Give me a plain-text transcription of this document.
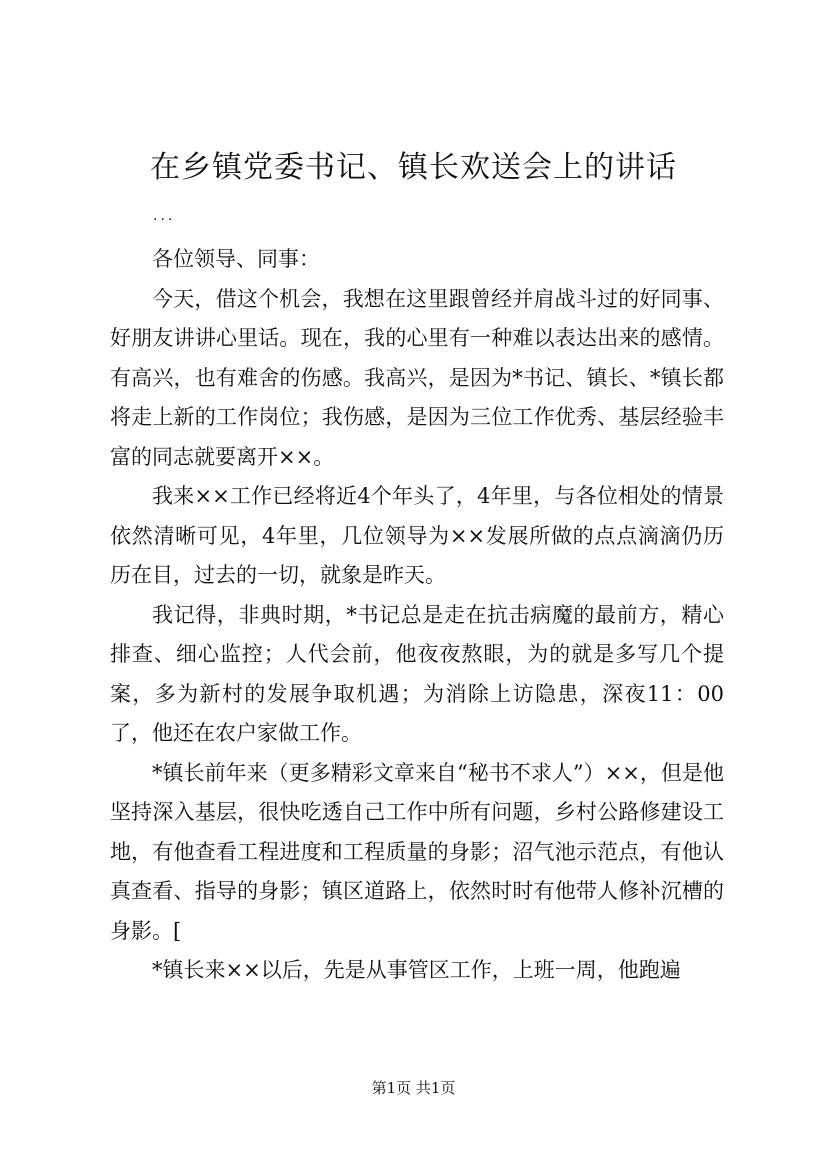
在乡镇党委书记、镇长欢送会上的讲话
...

各位领导、同事：

今天，借这个机会，我想在这里跟曾经并肩战斗过的好同事、好朋友讲讲心里话。现在，我的心里有一种难以表达出来的感情。有高兴，也有难舍的伤感。我高兴，是因为*书记、镇长、*镇长都将走上新的工作岗位；我伤感，是因为三位工作优秀、基层经验丰富的同志就要离开××。

我来××工作已经将近4个年头了，4年里，与各位相处的情景依然清晰可见，4年里，几位领导为××发展所做的点点滴滴仍历历在目，过去的一切，就象是昨天。

我记得，非典时期，*书记总是走在抗击病魔的最前方，精心排查、细心监控；人代会前，他夜夜熬眼，为的就是多写几个提案，多为新村的发展争取机遇；为消除上访隐患，深夜11：00了，他还在农户家做工作。

*镇长前年来（更多精彩文章来自“秘书不求人”）××，但是他坚持深入基层，很快吃透自己工作中所有问题，乡村公路修建设工地，有他查看工程进度和工程质量的身影；沼气池示范点，有他认真查看、指导的身影；镇区道路上，依然时时有他带人修补沉槽的身影。[

*镇长来××以后，先是从事管区工作，上班一周，他跑遍

第1页 共1页
